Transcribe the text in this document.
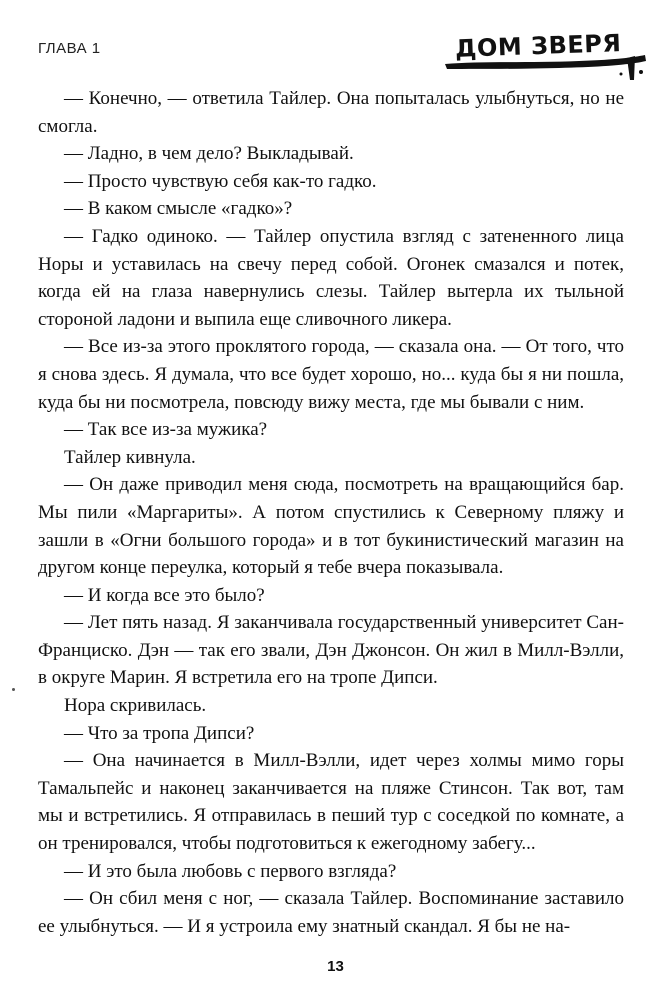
ГЛАВА 1	ДОМ ЗВЕРЯ

— Конечно, — ответила Тайлер. Она попыталась улыбнуться, но не смогла.

— Ладно, в чем дело? Выкладывай.

— Просто чувствую себя как-то гадко.

— В каком смысле «гадко»?

— Гадко одиноко. — Тайлер опустила взгляд с затененного лица Норы и уставилась на свечу перед собой. Огонек смазался и потек, когда ей на глаза навернулись слезы. Тайлер вытерла их тыльной стороной ладони и выпила еще сливочного ликера.

— Все из-за этого проклятого города, — сказала она. — От того, что я снова здесь. Я думала, что все будет хорошо, но... куда бы я ни пошла, куда бы ни посмотрела, повсюду вижу места, где мы бывали с ним.

— Так все из-за мужика?

Тайлер кивнула.

— Он даже приводил меня сюда, посмотреть на вращающийся бар. Мы пили «Маргариты». А потом спустились к Северному пляжу и зашли в «Огни большого города» и в тот букинистический магазин на другом конце переулка, который я тебе вчера показывала.

— И когда все это было?

— Лет пять назад. Я заканчивала государственный университет Сан-Франциско. Дэн — так его звали, Дэн Джонсон. Он жил в Милл-Вэлли, в округе Марин. Я встретила его на тропе Дипси.

Нора скривилась.

— Что за тропа Дипси?

— Она начинается в Милл-Вэлли, идет через холмы мимо горы Тамальпейс и наконец заканчивается на пляже Стинсон. Так вот, там мы и встретились. Я отправилась в пеший тур с соседкой по комнате, а он тренировался, чтобы подготовиться к ежегодному забегу...

— И это была любовь с первого взгляда?

— Он сбил меня с ног, — сказала Тайлер. Воспоминание заставило ее улыбнуться. — И я устроила ему знатный скандал. Я бы не на-

13
